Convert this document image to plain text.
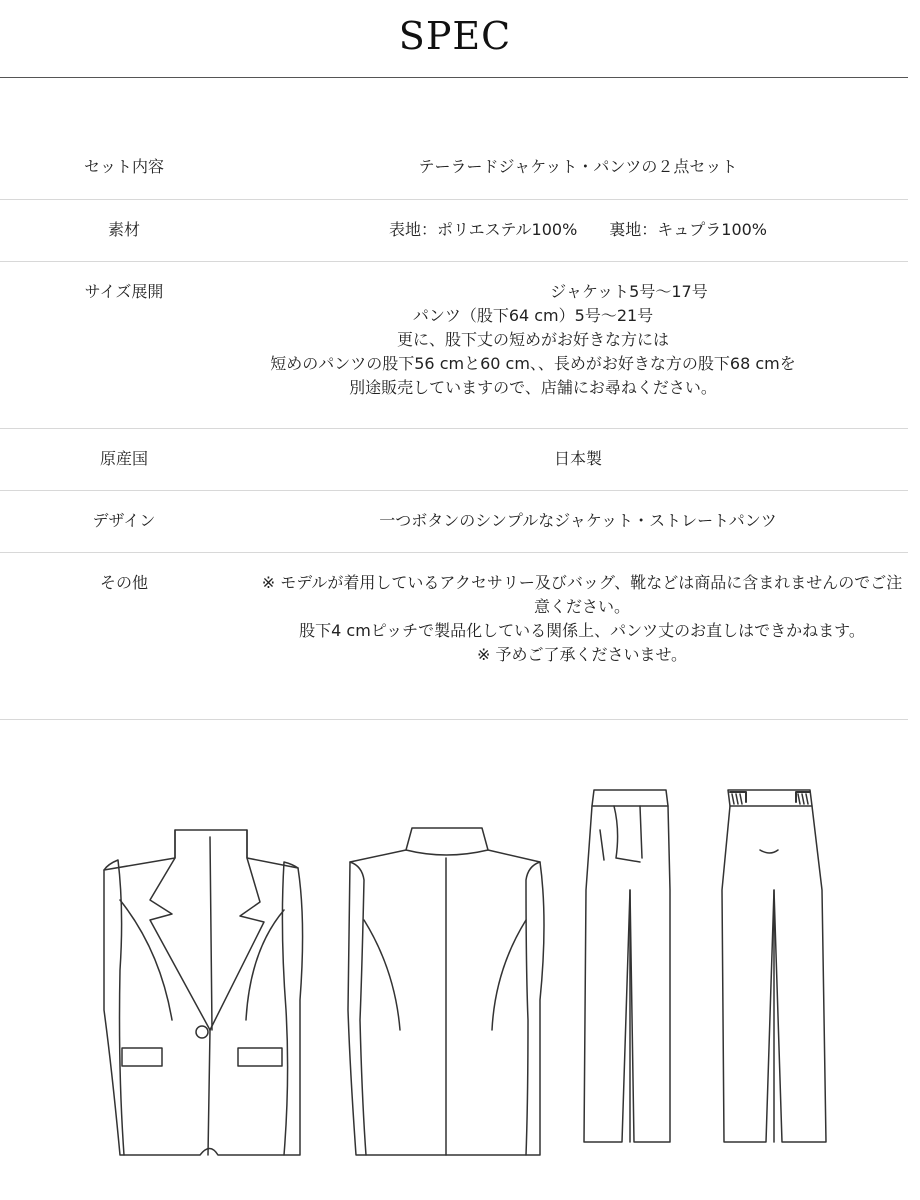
SPEC
セット内容	テーラードジャケット・パンツの２点セット
素材	表地：ポリエステル100%　　裏地：キュプラ100%
サイズ展開	　　　　　　　　　　　　ジャケット5号～17号
パンツ（股下64 cm）5号～21号
更に、股下丈の短めがお好きな方には
短めのパンツの股下56 cmと60 cm、、長めがお好きな方の股下68 cmを
別途販売していますので、店舗にお尋ねください。
原産国	日本製
デザイン	一つボタンのシンプルなジャケット・ストレートパンツ
その他	※ モデルが着用しているアクセサリー及びバッグ、靴などは商品に含まれませんのでご注意ください。
股下4 cmピッチで製品化している関係上、パンツ丈のお直しはできかねます。
※ 予めご了承くださいませ。
